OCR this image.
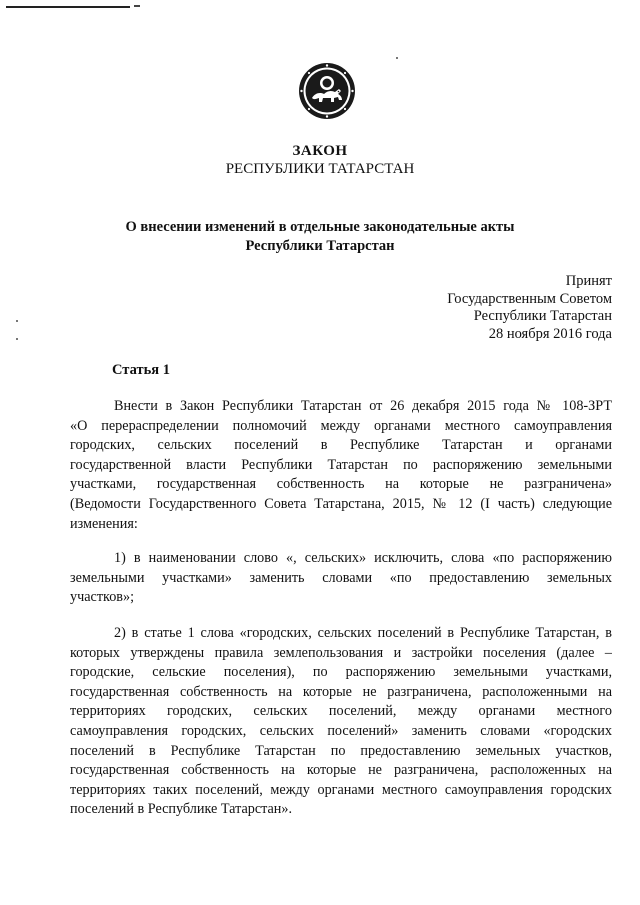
ЗАКОН
РЕСПУБЛИКИ ТАТАРСТАН
О внесении изменений в отдельные законодательные акты
Республики Татарстан
Принят
Государственным Советом
Республики Татарстан
28 ноября 2016 года
Статья 1
Внести в Закон Республики Татарстан от 26 декабря 2015 года № 108-ЗРТ
«О перераспределении полномочий между органами местного самоуправления
городских, сельских поселений в Республике Татарстан и органами
государственной власти Республики Татарстан по распоряжению земельными
участками, государственная собственность на которые не разграничена»
(Ведомости Государственного Совета Татарстана, 2015, № 12 (I часть) следующие
изменения:
1) в наименовании слово «, сельских» исключить, слова «по распоряжению
земельными участками» заменить словами «по предоставлению земельных
участков»;
2) в статье 1 слова «городских, сельских поселений в Республике Татарстан, в
которых утверждены правила землепользования и застройки поселения (далее –
городские, сельские поселения), по распоряжению земельными участками,
государственная собственность на которые не разграничена, расположенными на
территориях городских, сельских поселений, между органами местного
самоуправления городских, сельских поселений» заменить словами «городских
поселений в Республике Татарстан по предоставлению земельных участков,
государственная собственность на которые не разграничена, расположенных на
территориях таких поселений, между органами местного самоуправления городских
поселений в Республике Татарстан».
